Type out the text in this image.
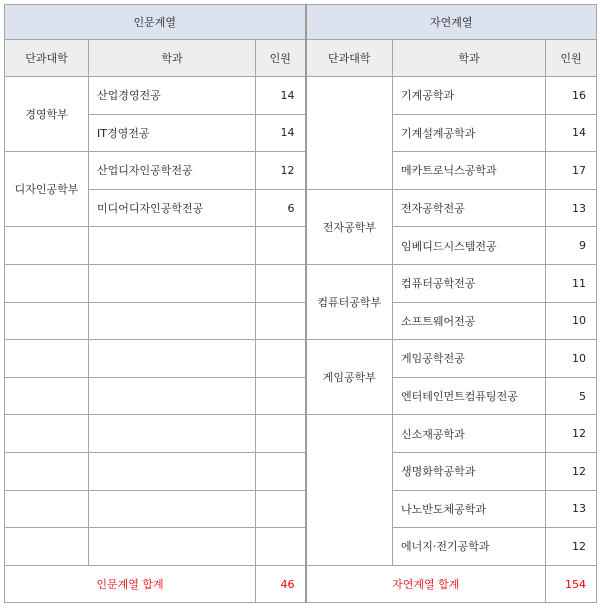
인문계열			자연계열		
단과대학	학과	인원	단과대학	학과	인원
경영학부	산업경영전공	14		기계공학과	16
	IT경영전공	14		기계설계공학과	14
디자인공학부	산업디자인공학전공	12		메카트로닉스공학과	17
	미디어디자인공학전공	6	전자공학부	전자공학전공	13
				임베디드시스템전공	9
			컴퓨터공학부	컴퓨터공학전공	11
				소프트웨어전공	10
			게임공학부	게임공학전공	10
				엔터테인먼트컴퓨팅전공	5
				신소재공학과	12
				생명화학공학과	12
				나노반도체공학과	13
				에너지·전기공학과	12
인문계열 합계		46	자연계열 합계		154
